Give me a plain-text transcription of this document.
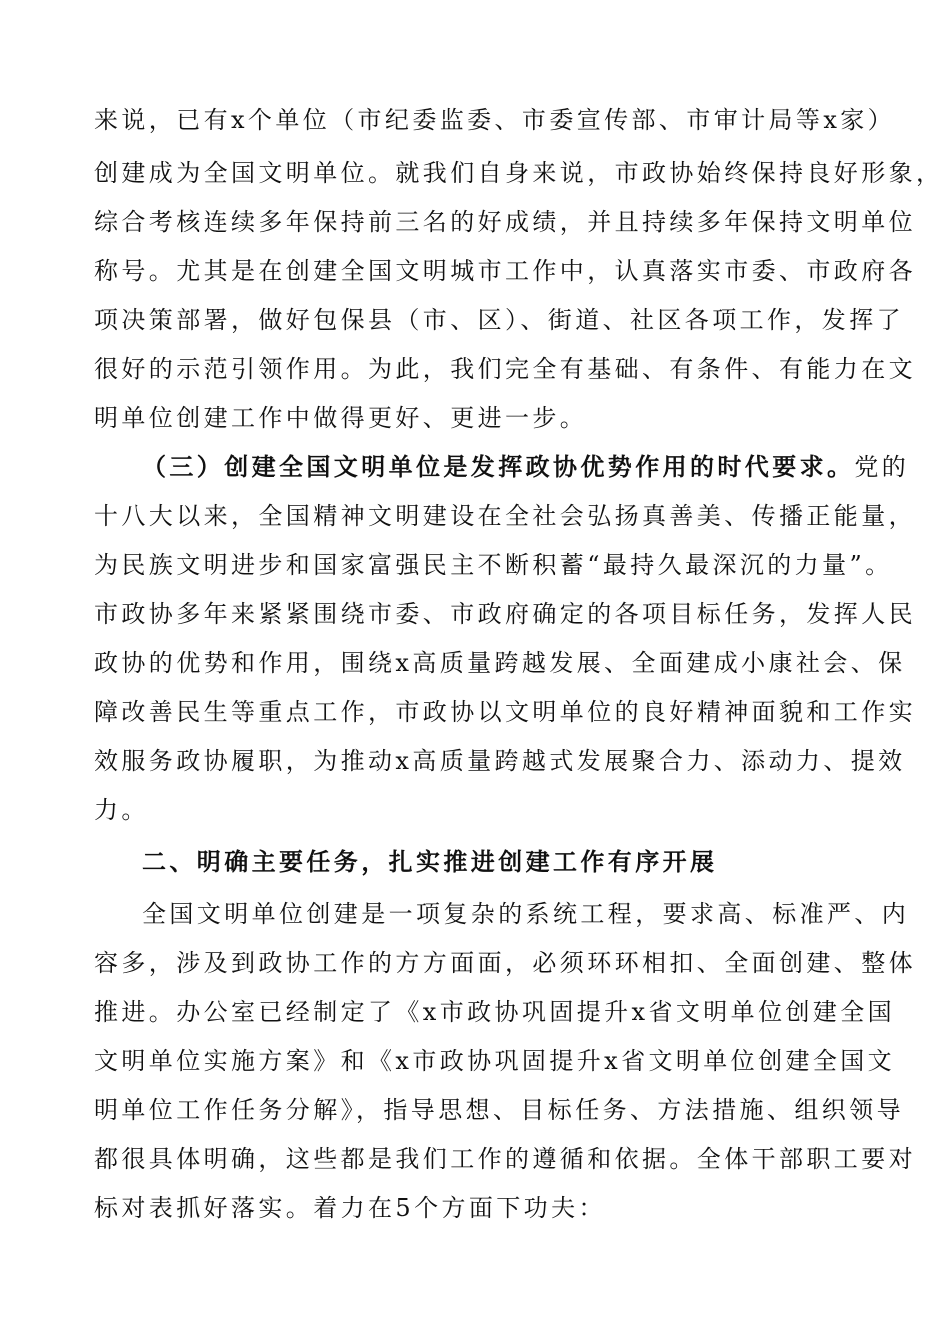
来说，已有x个单位（市纪委监委、市委宣传部、市审计局等x家）
创建成为全国文明单位。就我们自身来说，市政协始终保持良好形象，
综合考核连续多年保持前三名的好成绩，并且持续多年保持文明单位
称号。尤其是在创建全国文明城市工作中，认真落实市委、市政府各
项决策部署，做好包保县（市、区）、街道、社区各项工作，发挥了
很好的示范引领作用。为此，我们完全有基础、有条件、有能力在文
明单位创建工作中做得更好、更进一步。
（三）创建全国文明单位是发挥政协优势作用的时代要求。党的
十八大以来，全国精神文明建设在全社会弘扬真善美、传播正能量，
为民族文明进步和国家富强民主不断积蓄“最持久最深沉的力量”。
市政协多年来紧紧围绕市委、市政府确定的各项目标任务，发挥人民
政协的优势和作用，围绕x高质量跨越发展、全面建成小康社会、保
障改善民生等重点工作，市政协以文明单位的良好精神面貌和工作实
效服务政协履职，为推动x高质量跨越式发展聚合力、添动力、提效
力。
二、明确主要任务，扎实推进创建工作有序开展
全国文明单位创建是一项复杂的系统工程，要求高、标准严、内
容多，涉及到政协工作的方方面面，必须环环相扣、全面创建、整体
推进。办公室已经制定了《x市政协巩固提升x省文明单位创建全国
文明单位实施方案》和《x市政协巩固提升x省文明单位创建全国文
明单位工作任务分解》，指导思想、目标任务、方法措施、组织领导
都很具体明确，这些都是我们工作的遵循和依据。全体干部职工要对
标对表抓好落实。着力在5个方面下功夫：
